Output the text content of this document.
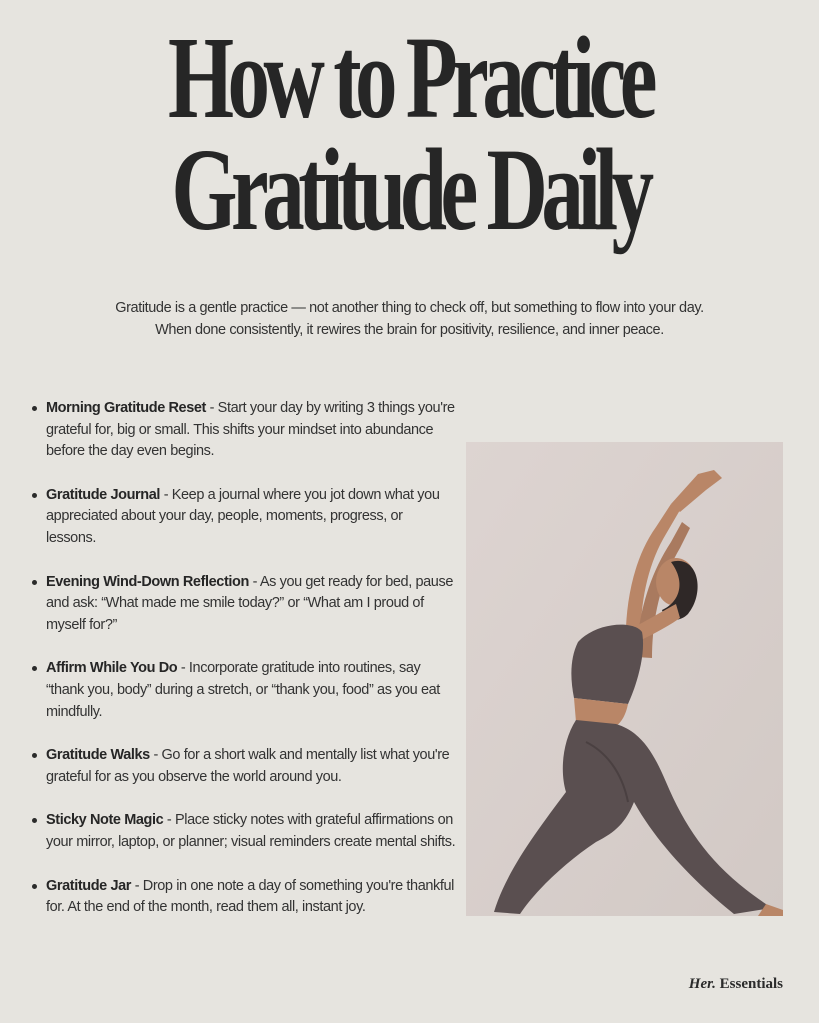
How to Practice
Gratitude Daily

Gratitude is a gentle practice — not another thing to check off, but something to flow into your day.
When done consistently, it rewires the brain for positivity, resilience, and inner peace.

Morning Gratitude Reset - Start your day by writing 3 things you're grateful for, big or small. This shifts your mindset into abundance before the day even begins.
Gratitude Journal - Keep a journal where you jot down what you appreciated about your day, people, moments, progress, or lessons.
Evening Wind-Down Reflection - As you get ready for bed, pause and ask: “What made me smile today?” or “What am I proud of myself for?”
Affirm While You Do - Incorporate gratitude into routines, say “thank you, body” during a stretch, or “thank you, food” as you eat mindfully.
Gratitude Walks - Go for a short walk and mentally list what you're grateful for as you observe the world around you.
Sticky Note Magic - Place sticky notes with grateful affirmations on your mirror, laptop, or planner; visual reminders create mental shifts.
Gratitude Jar - Drop in one note a day of something you're thankful for. At the end of the month, read them all, instant joy.
Her. Essentials
